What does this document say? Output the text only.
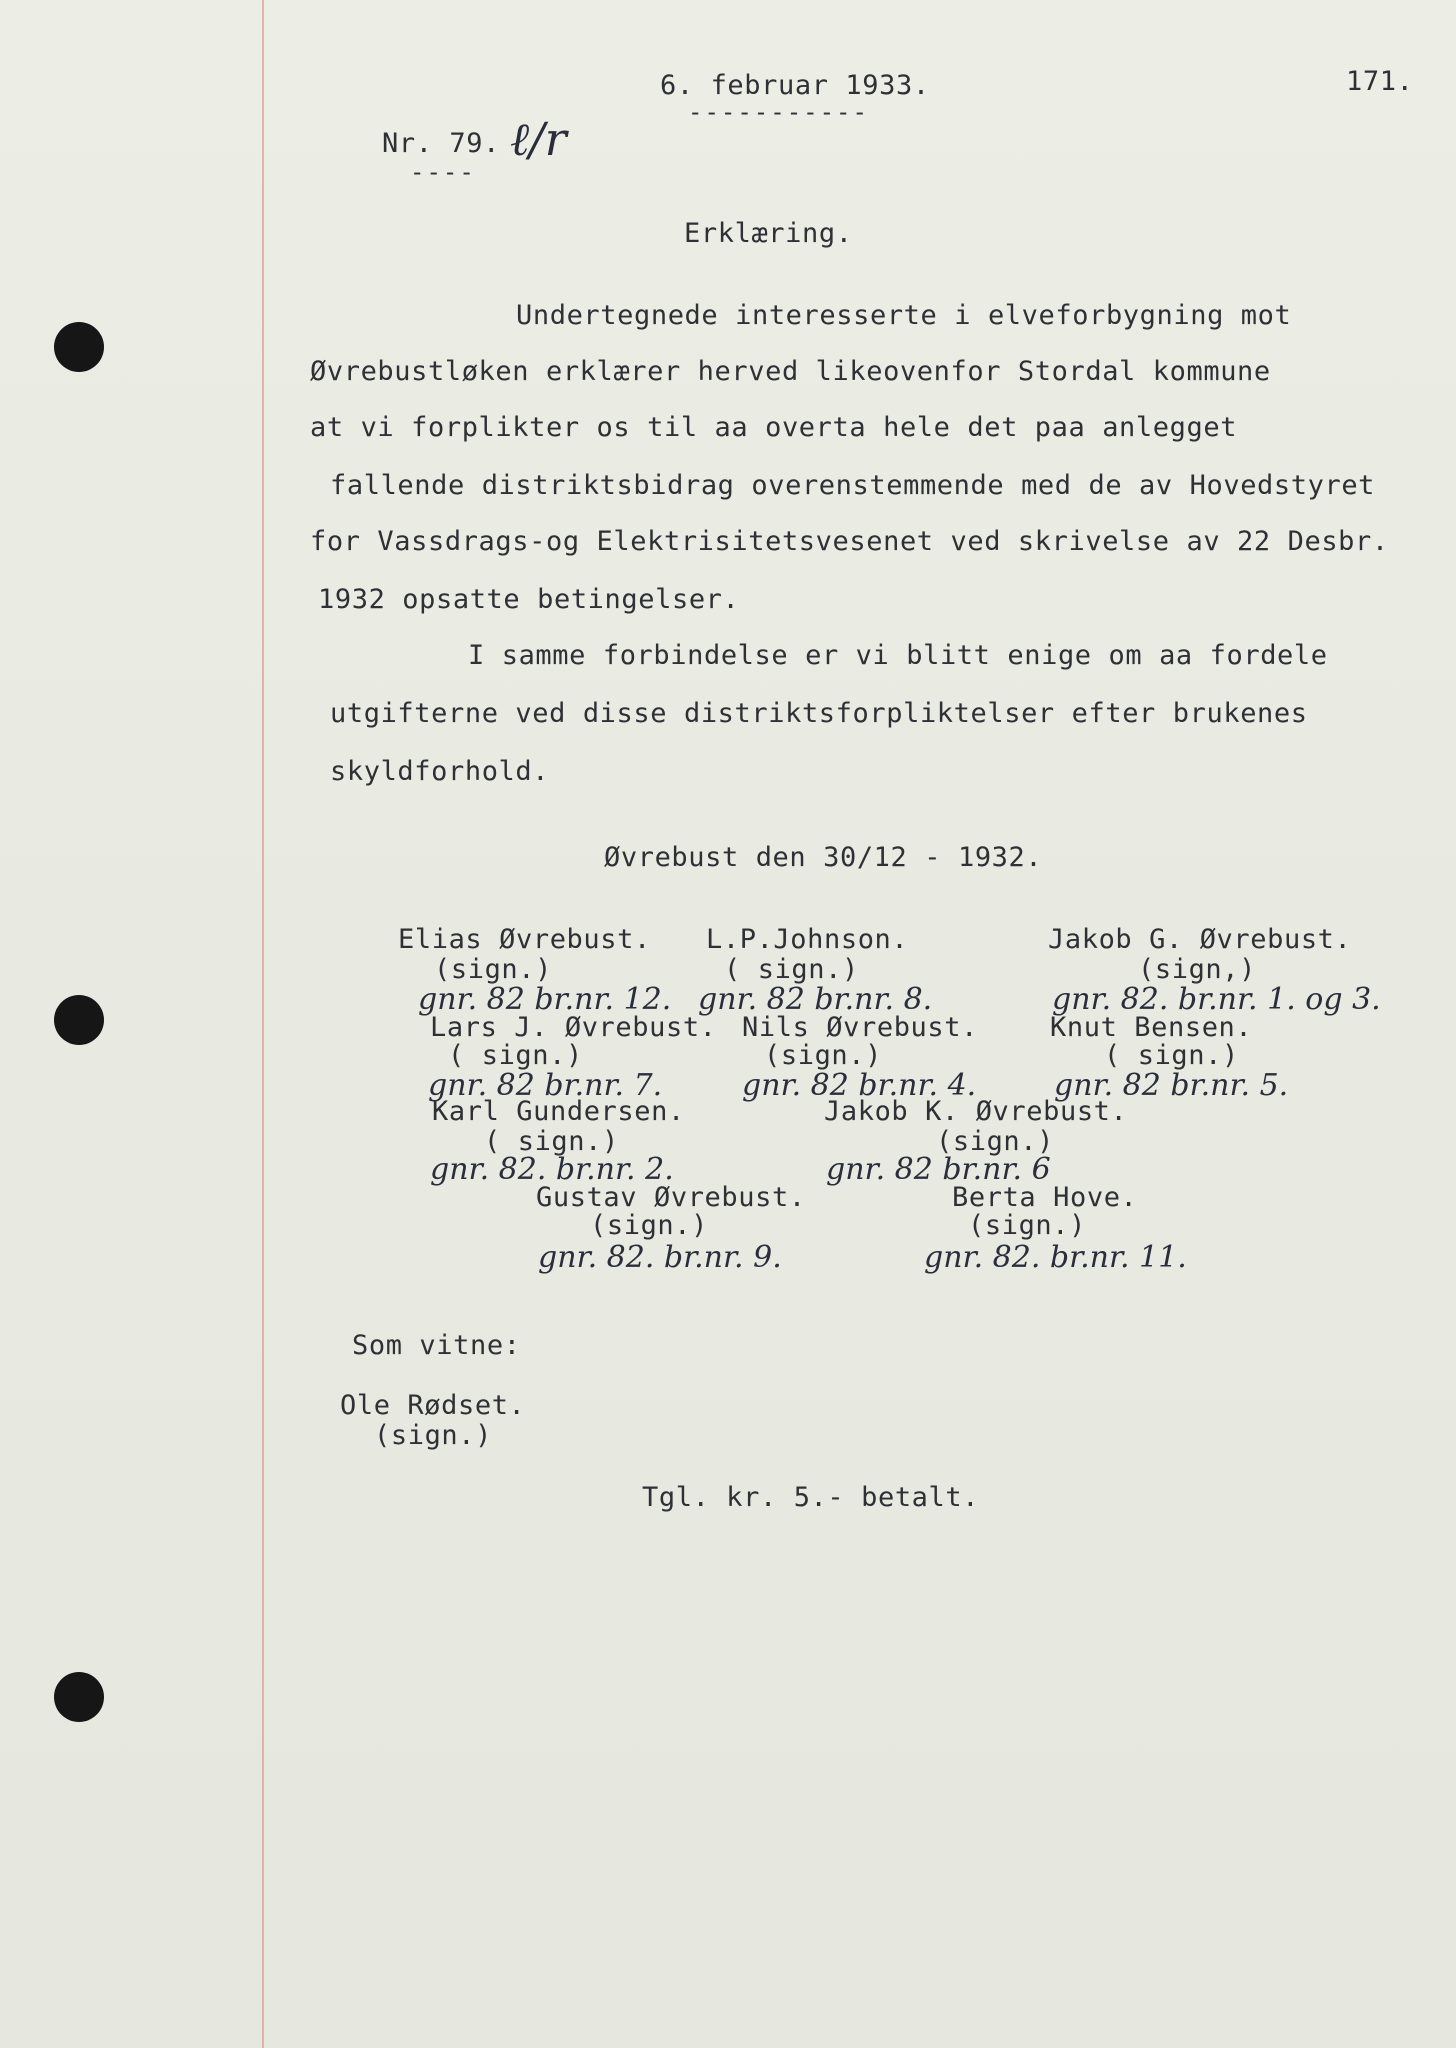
6. februar 1933.
-----------
171.
Nr. 79.
----
ℓ/r
Erklæring.
Undertegnede interesserte i elveforbygning mot
Øvrebustløken erklærer herved likeovenfor Stordal kommune
at vi forplikter os til aa overta hele det paa anlegget
fallende distriktsbidrag overenstemmende med de av Hovedstyret
for Vassdrags-og Elektrisitetsvesenet ved skrivelse av 22 Desbr.
1932 opsatte betingelser.
I samme forbindelse er vi blitt enige om aa fordele
utgifterne ved disse distriktsforpliktelser efter brukenes
skyldforhold.
Øvrebust den 30/12 - 1932.
Elias Øvrebust.
(sign.)
gnr. 82 br.nr. 12.
L.P.Johnson.
( sign.)
gnr. 82 br.nr. 8.
Jakob G. Øvrebust.
(sign,)
gnr. 82. br.nr. 1. og 3.
Lars J. Øvrebust.
( sign.)
gnr. 82 br.nr. 7.
Nils Øvrebust.
(sign.)
gnr. 82 br.nr. 4.
Knut Bensen.
( sign.)
gnr. 82 br.nr. 5.
Karl Gundersen.
( sign.)
gnr. 82. br.nr. 2.
Jakob K. Øvrebust.
(sign.)
gnr. 82 br.nr. 6
Gustav Øvrebust.
(sign.)
gnr. 82. br.nr. 9.
Berta Hove.
(sign.)
gnr. 82. br.nr. 11.
Som vitne:
Ole Rødset.
(sign.)
Tgl. kr. 5.- betalt.
